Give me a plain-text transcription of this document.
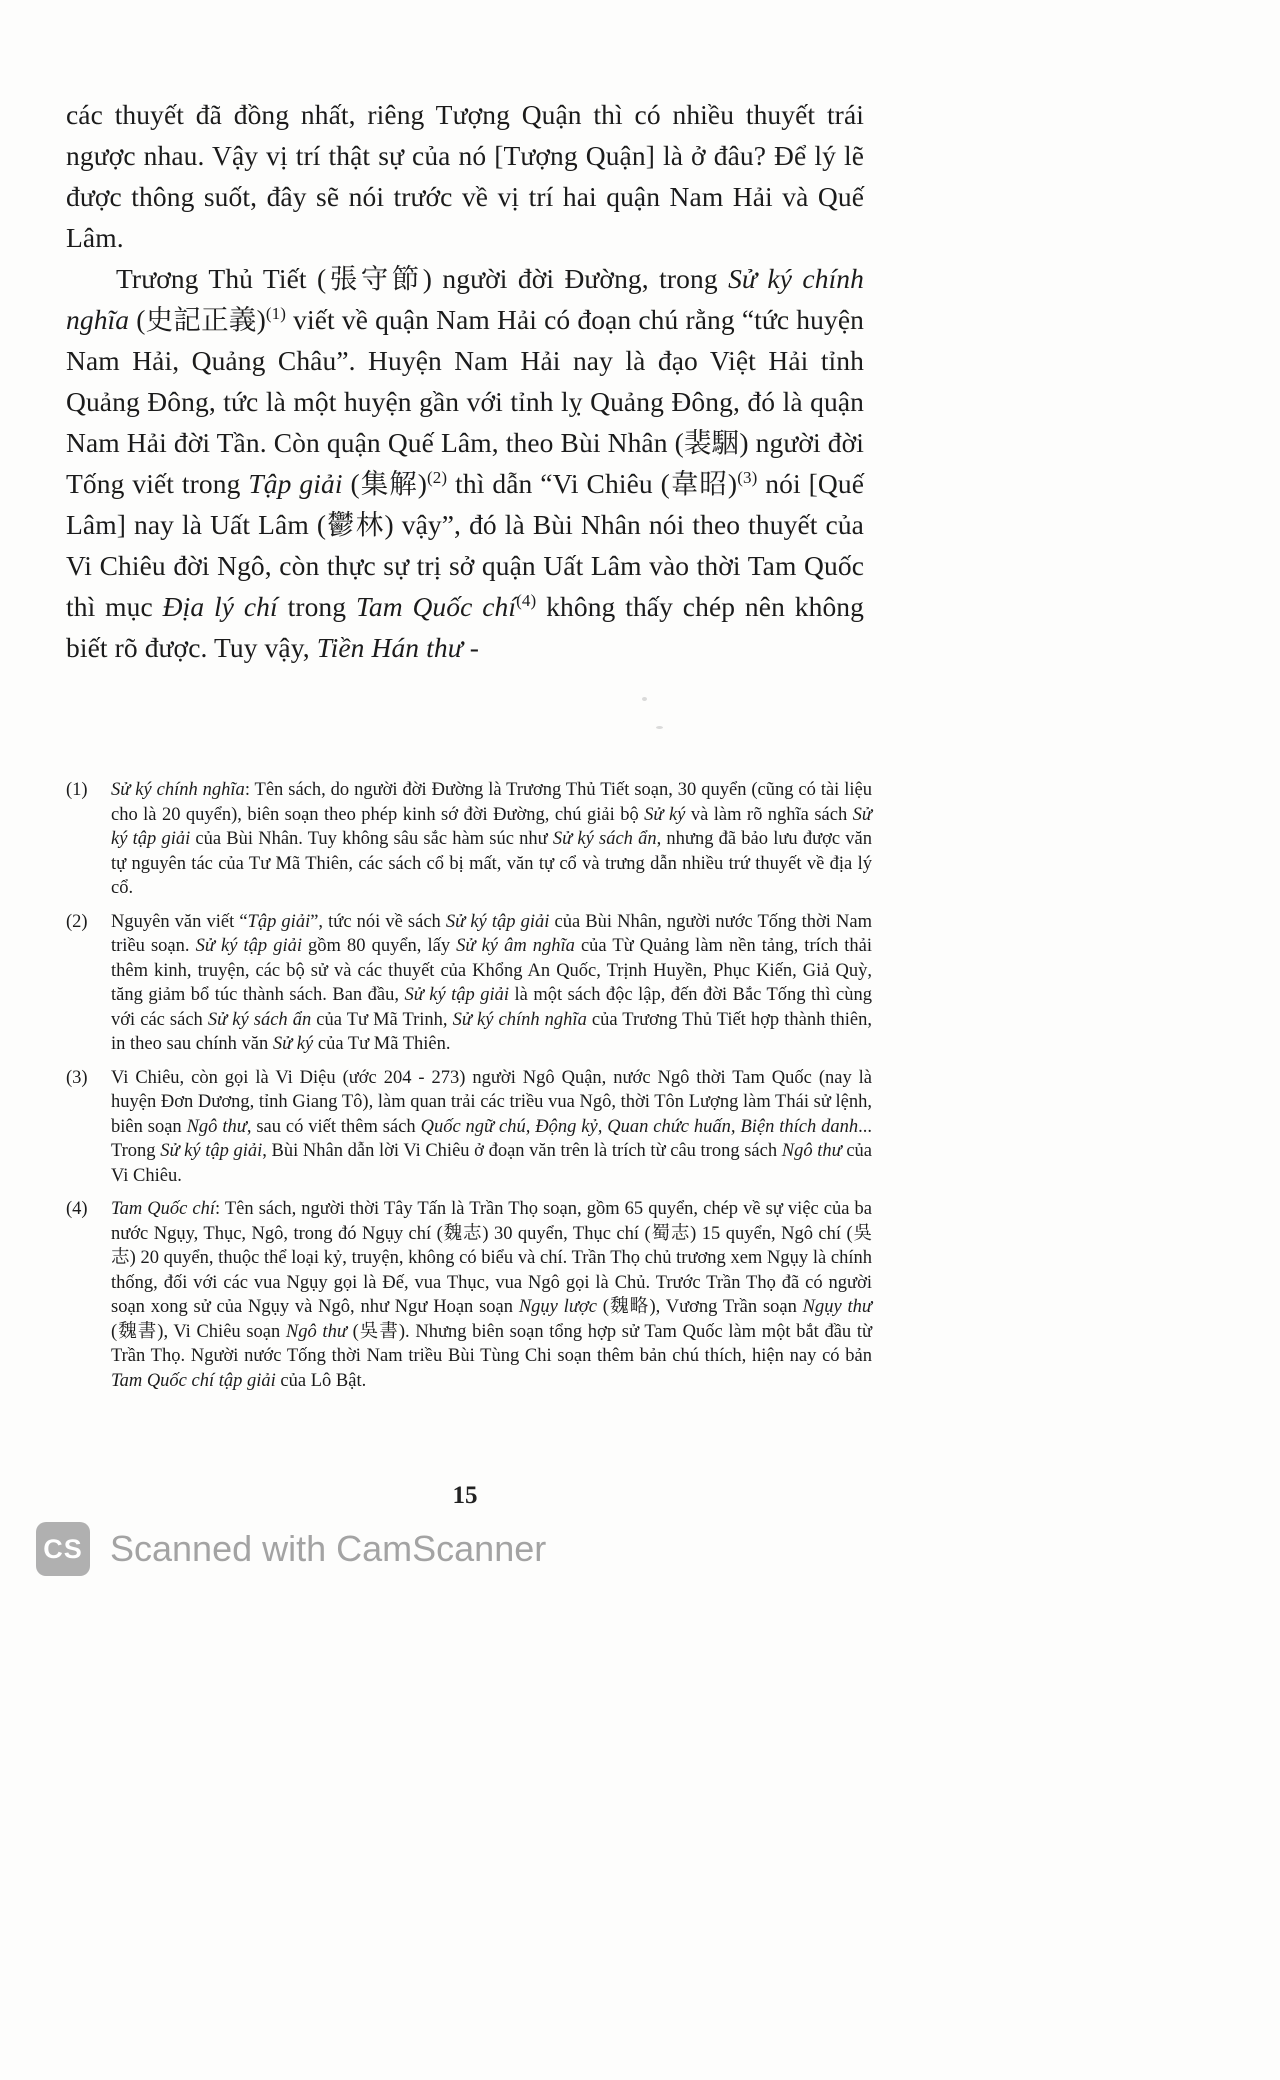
các thuyết đã đồng nhất, riêng Tượng Quận thì có nhiều thuyết trái ngược nhau. Vậy vị trí thật sự của nó [Tượng Quận] là ở đâu? Để lý lẽ được thông suốt, đây sẽ nói trước về vị trí hai quận Nam Hải và Quế Lâm.

Trương Thủ Tiết (張守節) người đời Đường, trong Sử ký chính nghĩa (史記正義)$^{(1)}$ viết về quận Nam Hải có đoạn chú rằng “tức huyện Nam Hải, Quảng Châu”. Huyện Nam Hải nay là đạo Việt Hải tỉnh Quảng Đông, tức là một huyện gần với tỉnh lỵ Quảng Đông, đó là quận Nam Hải đời Tần. Còn quận Quế Lâm, theo Bùi Nhân (裴駰) người đời Tống viết trong Tập giải (集解)$^{(2)}$ thì dẫn “Vi Chiêu (韋昭)$^{(3)}$ nói [Quế Lâm] nay là Uất Lâm (鬱林) vậy”, đó là Bùi Nhân nói theo thuyết của Vi Chiêu đời Ngô, còn thực sự trị sở quận Uất Lâm vào thời Tam Quốc thì mục Địa lý chí trong Tam Quốc chí$^{(4)}$ không thấy chép nên không biết rõ được. Tuy vậy, Tiền Hán thư -

(1)	Sử ký chính nghĩa: Tên sách, do người đời Đường là Trương Thủ Tiết soạn, 30 quyển (cũng có tài liệu cho là 20 quyển), biên soạn theo phép kinh sớ đời Đường, chú giải bộ Sử ký và làm rõ nghĩa sách Sử ký tập giải của Bùi Nhân. Tuy không sâu sắc hàm súc như Sử ký sách ẩn, nhưng đã bảo lưu được văn tự nguyên tác của Tư Mã Thiên, các sách cổ bị mất, văn tự cổ và trưng dẫn nhiều trứ thuyết về địa lý cổ.
(2)	Nguyên văn viết “Tập giải”, tức nói về sách Sử ký tập giải của Bùi Nhân, người nước Tống thời Nam triều soạn. Sử ký tập giải gồm 80 quyển, lấy Sử ký âm nghĩa của Từ Quảng làm nền tảng, trích thải thêm kinh, truyện, các bộ sử và các thuyết của Khổng An Quốc, Trịnh Huyền, Phục Kiến, Giả Quỳ, tăng giảm bổ túc thành sách. Ban đầu, Sử ký tập giải là một sách độc lập, đến đời Bắc Tống thì cùng với các sách Sử ký sách ẩn của Tư Mã Trinh, Sử ký chính nghĩa của Trương Thủ Tiết hợp thành thiên, in theo sau chính văn Sử ký của Tư Mã Thiên.
(3)	Vi Chiêu, còn gọi là Vi Diệu (ước 204 - 273) người Ngô Quận, nước Ngô thời Tam Quốc (nay là huyện Đơn Dương, tỉnh Giang Tô), làm quan trải các triều vua Ngô, thời Tôn Lượng làm Thái sử lệnh, biên soạn Ngô thư, sau có viết thêm sách Quốc ngữ chú, Động kỷ, Quan chức huấn, Biện thích danh... Trong Sử ký tập giải, Bùi Nhân dẫn lời Vi Chiêu ở đoạn văn trên là trích từ câu trong sách Ngô thư của Vi Chiêu.
(4)	Tam Quốc chí: Tên sách, người thời Tây Tấn là Trần Thọ soạn, gồm 65 quyển, chép về sự việc của ba nước Ngụy, Thục, Ngô, trong đó Ngụy chí (魏志) 30 quyển, Thục chí (蜀志) 15 quyển, Ngô chí (吳志) 20 quyển, thuộc thể loại kỷ, truyện, không có biểu và chí. Trần Thọ chủ trương xem Ngụy là chính thống, đối với các vua Ngụy gọi là Đế, vua Thục, vua Ngô gọi là Chủ. Trước Trần Thọ đã có người soạn xong sử của Ngụy và Ngô, như Ngư Hoạn soạn Ngụy lược (魏略), Vương Trần soạn Ngụy thư (魏書), Vi Chiêu soạn Ngô thư (吳書). Nhưng biên soạn tổng hợp sử Tam Quốc làm một bắt đầu từ Trần Thọ. Người nước Tống thời Nam triều Bùi Tùng Chi soạn thêm bản chú thích, hiện nay có bản Tam Quốc chí tập giải của Lô Bật.
15
CS Scanned with CamScanner
